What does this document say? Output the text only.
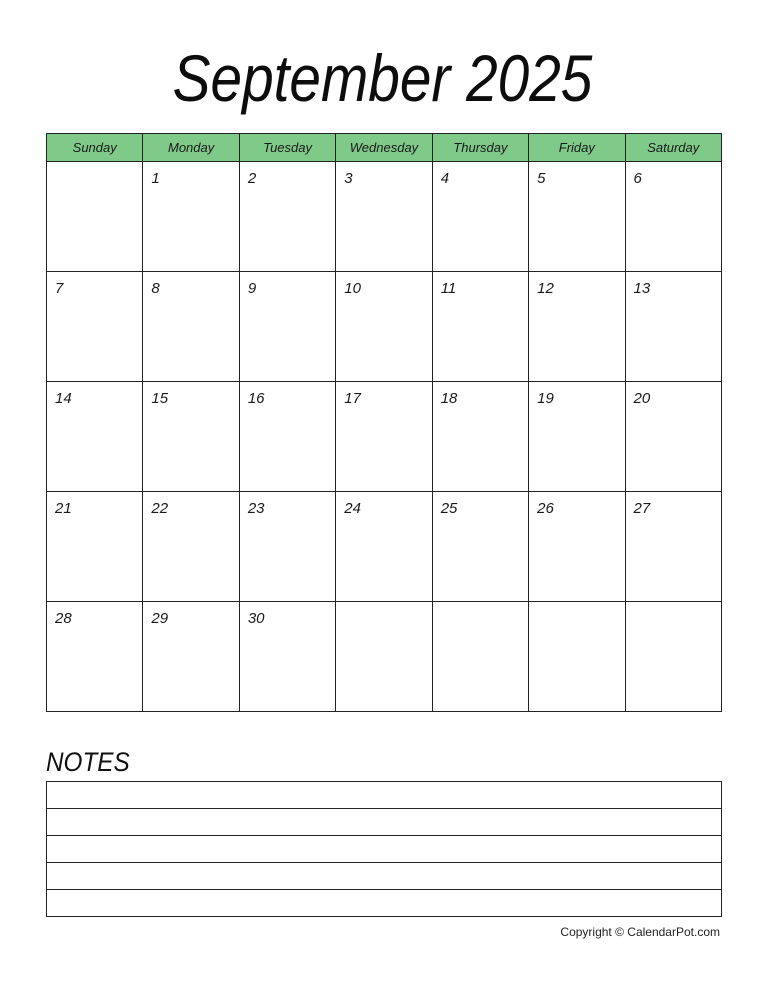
September 2025
Sunday	Monday	Tuesday	Wednesday	Thursday	Friday	Saturday

	1	2	3	4	5	6

7	8	9	10	11	12	13

14	15	16	17	18	19	20

21	22	23	24	25	26	27

28	29	30				

NOTES
Copyright © CalendarPot.com
